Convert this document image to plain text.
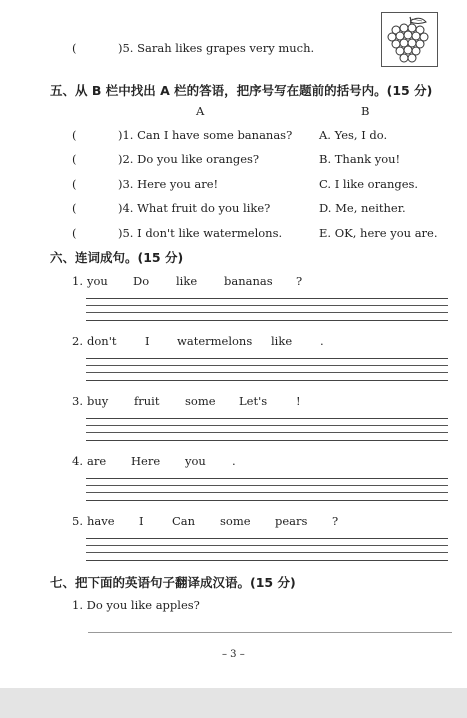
(	)5. Sarah likes grapes very much.
五、从 B 栏中找出 A 栏的答语，把序号写在题前的括号内。(15 分)
A	B
(	)1. Can I have some bananas? A. Yes, I do.
(	)2. Do you like oranges?	B. Thank you!
(	)3. Here you are!	C. I like oranges.
(	)4. What fruit do you like?	D. Me, neither.
(	)5. I don't like watermelons.	E. OK, here you are.
六、连词成句。(15 分)
1. you Do like bananas ?
2. don't I watermelons like .
3. buy fruit some Let's	!
4. are Here you .
5. have I Can some pears ?
七、把下面的英语句子翻译成汉语。(15 分)
1. Do you like apples?
– 3 –
